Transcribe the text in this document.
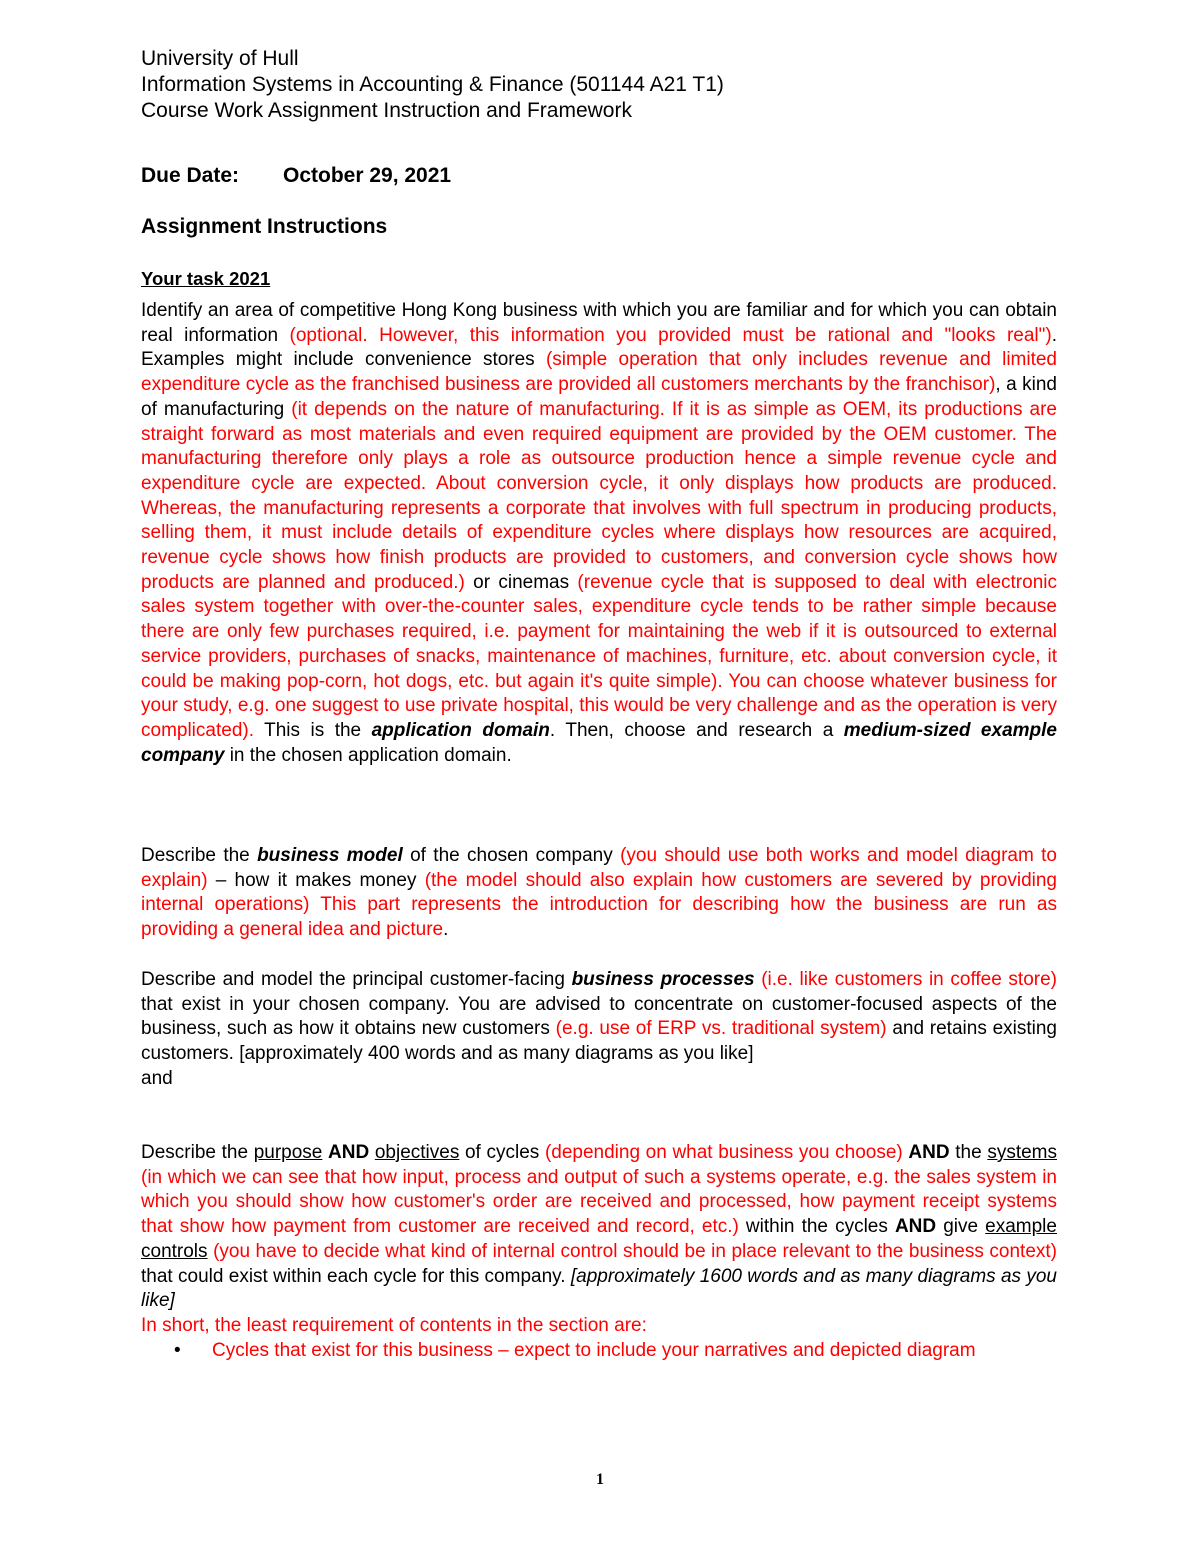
University of Hull
Information Systems in Accounting & Finance (501144 A21 T1)
Course Work Assignment Instruction and Framework
Due Date: October 29, 2021
Assignment Instructions
Your task 2021
Identify an area of competitive Hong Kong business with which you are familiar and for which you can obtain real information (optional. However, this information you provided must be rational and "looks real"). Examples might include convenience stores (simple operation that only includes revenue and limited expenditure cycle as the franchised business are provided all customers merchants by the franchisor), a kind of manufacturing (it depends on the nature of manufacturing. If it is as simple as OEM, its productions are straight forward as most materials and even required equipment are provided by the OEM customer. The manufacturing therefore only plays a role as outsource production hence a simple revenue cycle and expenditure cycle are expected. About conversion cycle, it only displays how products are produced. Whereas, the manufacturing represents a corporate that involves with full spectrum in producing products, selling them, it must include details of expenditure cycles where displays how resources are acquired, revenue cycle shows how finish products are provided to customers, and conversion cycle shows how products are planned and produced.) or cinemas (revenue cycle that is supposed to deal with electronic sales system together with over-the-counter sales, expenditure cycle tends to be rather simple because there are only few purchases required, i.e. payment for maintaining the web if it is outsourced to external service providers, purchases of snacks, maintenance of machines, furniture, etc. about conversion cycle, it could be making pop-corn, hot dogs, etc. but again it's quite simple). You can choose whatever business for your study, e.g. one suggest to use private hospital, this would be very challenge and as the operation is very complicated). This is the application domain. Then, choose and research a medium-sized example company in the chosen application domain.
Describe the business model of the chosen company (you should use both works and model diagram to explain) – how it makes money (the model should also explain how customers are severed by providing internal operations) This part represents the introduction for describing how the business are run as providing a general idea and picture.
Describe and model the principal customer-facing business processes (i.e. like customers in coffee store) that exist in your chosen company. You are advised to concentrate on customer-focused aspects of the business, such as how it obtains new customers (e.g. use of ERP vs. traditional system) and retains existing customers. [approximately 400 words and as many diagrams as you like]
and
Describe the purpose AND objectives of cycles (depending on what business you choose) AND the systems (in which we can see that how input, process and output of such a systems operate, e.g. the sales system in which you should show how customer's order are received and processed, how payment receipt systems that show how payment from customer are received and record, etc.) within the cycles AND give example controls (you have to decide what kind of internal control should be in place relevant to the business context) that could exist within each cycle for this company. [approximately 1600 words and as many diagrams as you like]
In short, the least requirement of contents in the section are:
• Cycles that exist for this business – expect to include your narratives and depicted diagram
1
